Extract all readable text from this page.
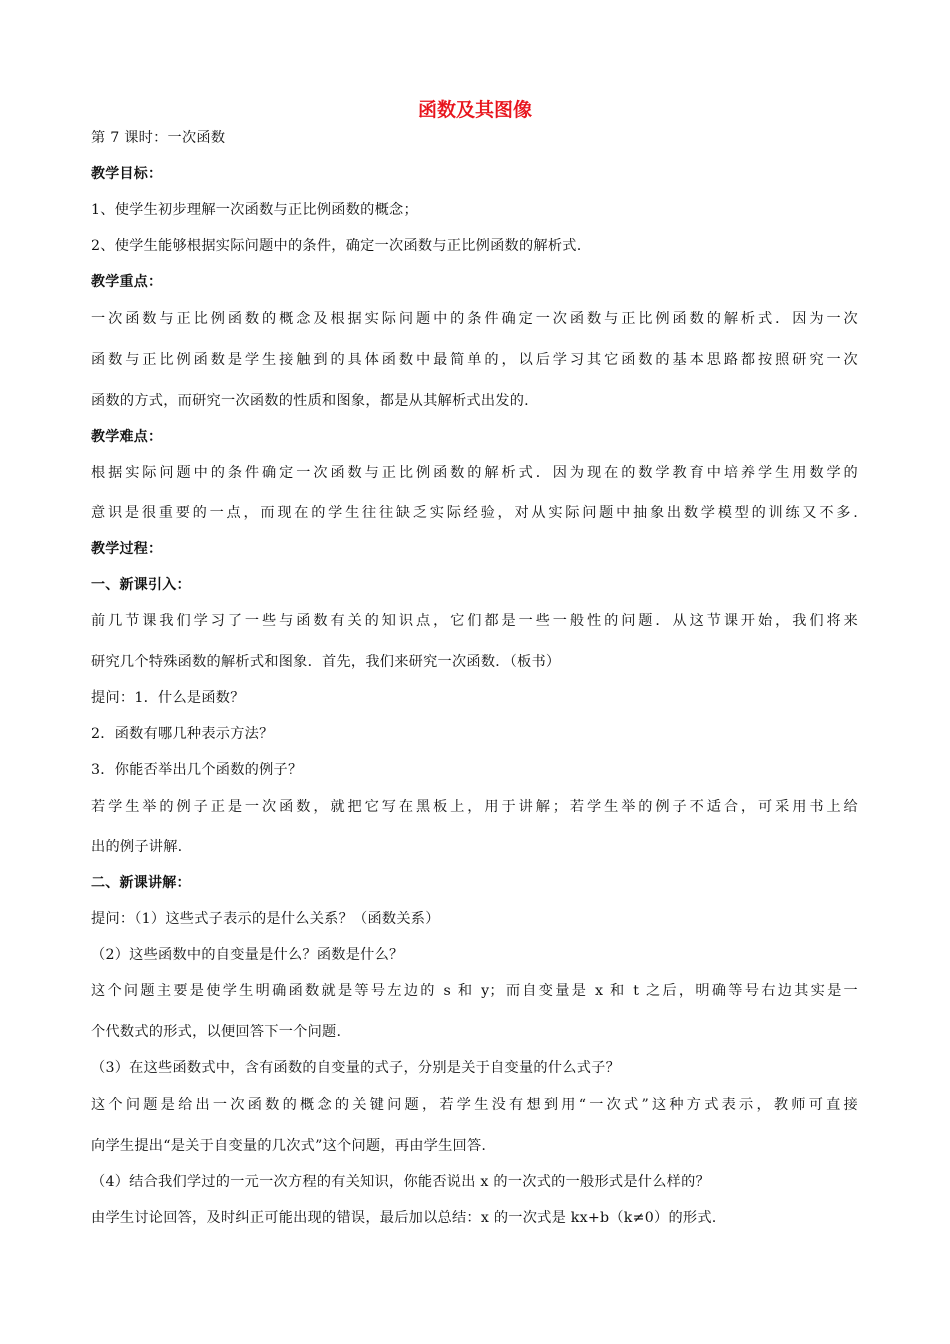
函数及其图像
第 7 课时：一次函数
教学目标：
1、使学生初步理解一次函数与正比例函数的概念；
2、使学生能够根据实际问题中的条件，确定一次函数与正比例函数的解析式.
教学重点：
一次函数与正比例函数的概念及根据实际问题中的条件确定一次函数与正比例函数的解析式．因为一次
函数与正比例函数是学生接触到的具体函数中最简单的，以后学习其它函数的基本思路都按照研究一次
函数的方式，而研究一次函数的性质和图象，都是从其解析式出发的.
教学难点：
根据实际问题中的条件确定一次函数与正比例函数的解析式．因为现在的数学教育中培养学生用数学的
意识是很重要的一点，而现在的学生往往缺乏实际经验，对从实际问题中抽象出数学模型的训练又不多.
教学过程：
一、新课引入：
前几节课我们学习了一些与函数有关的知识点，它们都是一些一般性的问题．从这节课开始，我们将来
研究几个特殊函数的解析式和图象．首先，我们来研究一次函数．（板书）
提问：1．什么是函数？
2．函数有哪几种表示方法？
3．你能否举出几个函数的例子？
若学生举的例子正是一次函数，就把它写在黑板上，用于讲解；若学生举的例子不适合，可采用书上给
出的例子讲解.
二、新课讲解：
提问：（1）这些式子表示的是什么关系？（函数关系）
（2）这些函数中的自变量是什么？函数是什么？
这个问题主要是使学生明确函数就是等号左边的 s 和 y；而自变量是 x 和 t 之后，明确等号右边其实是一
个代数式的形式，以便回答下一个问题.
（3）在这些函数式中，含有函数的自变量的式子，分别是关于自变量的什么式子？
这个问题是给出一次函数的概念的关键问题，若学生没有想到用“一次式”这种方式表示，教师可直接
向学生提出“是关于自变量的几次式”这个问题，再由学生回答.
（4）结合我们学过的一元一次方程的有关知识，你能否说出 x 的一次式的一般形式是什么样的？
由学生讨论回答，及时纠正可能出现的错误，最后加以总结：x 的一次式是 kx+b（k≠0）的形式.
